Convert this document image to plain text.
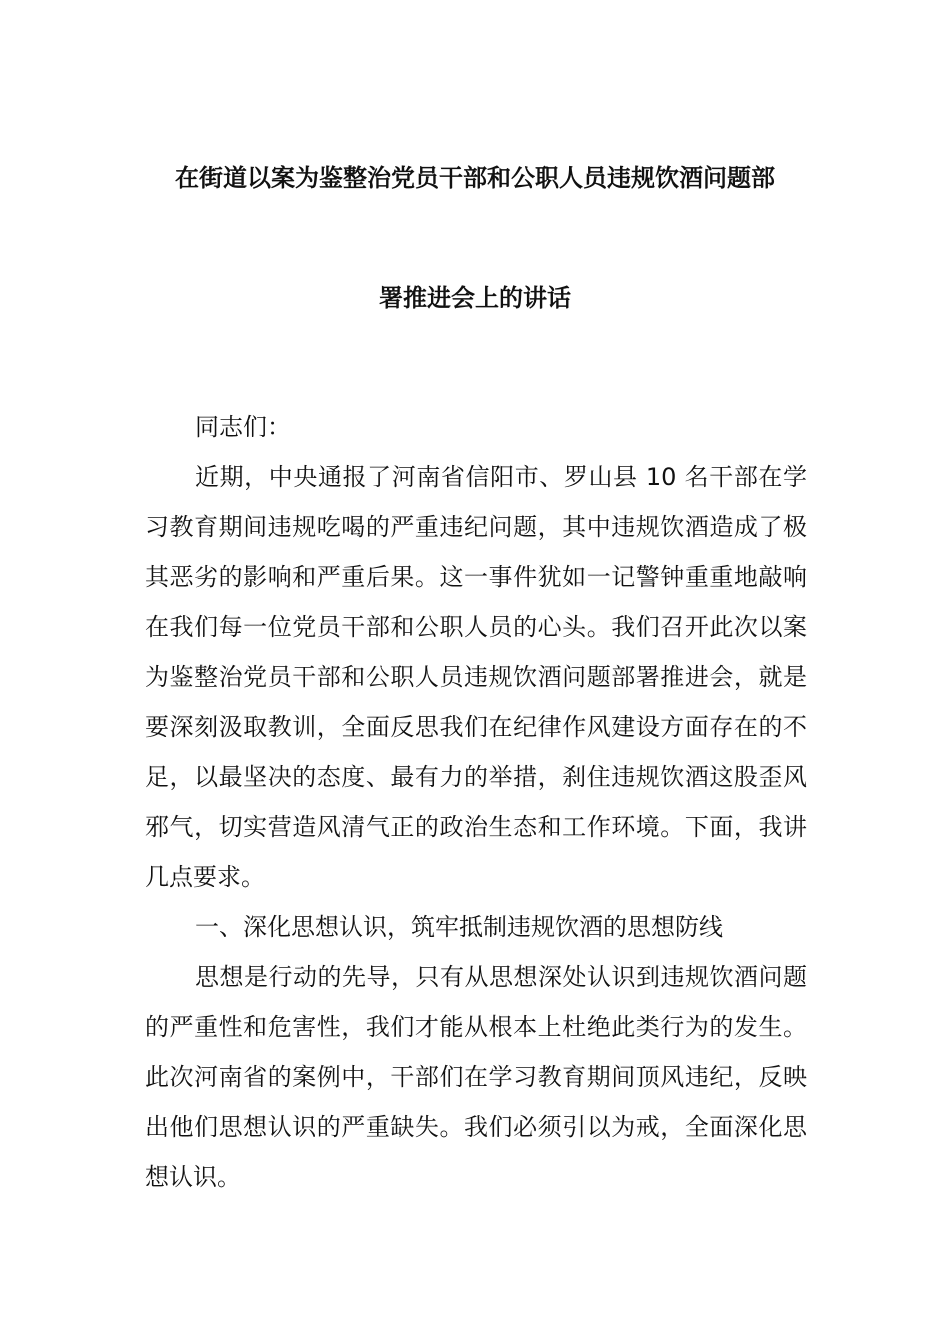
在街道以案为鉴整治党员干部和公职人员违规饮酒问题部
署推进会上的讲话

同志们：

近期，中央通报了河南省信阳市、罗山县 10 名干部在学习教育期间违规吃喝的严重违纪问题，其中违规饮酒造成了极其恶劣的影响和严重后果。这一事件犹如一记警钟重重地敲响在我们每一位党员干部和公职人员的心头。我们召开此次以案为鉴整治党员干部和公职人员违规饮酒问题部署推进会，就是要深刻汲取教训，全面反思我们在纪律作风建设方面存在的不足，以最坚决的态度、最有力的举措，刹住违规饮酒这股歪风邪气，切实营造风清气正的政治生态和工作环境。下面，我讲几点要求。

一、深化思想认识，筑牢抵制违规饮酒的思想防线

思想是行动的先导，只有从思想深处认识到违规饮酒问题的严重性和危害性，我们才能从根本上杜绝此类行为的发生。此次河南省的案例中，干部们在学习教育期间顶风违纪，反映出他们思想认识的严重缺失。我们必须引以为戒，全面深化思想认识。
